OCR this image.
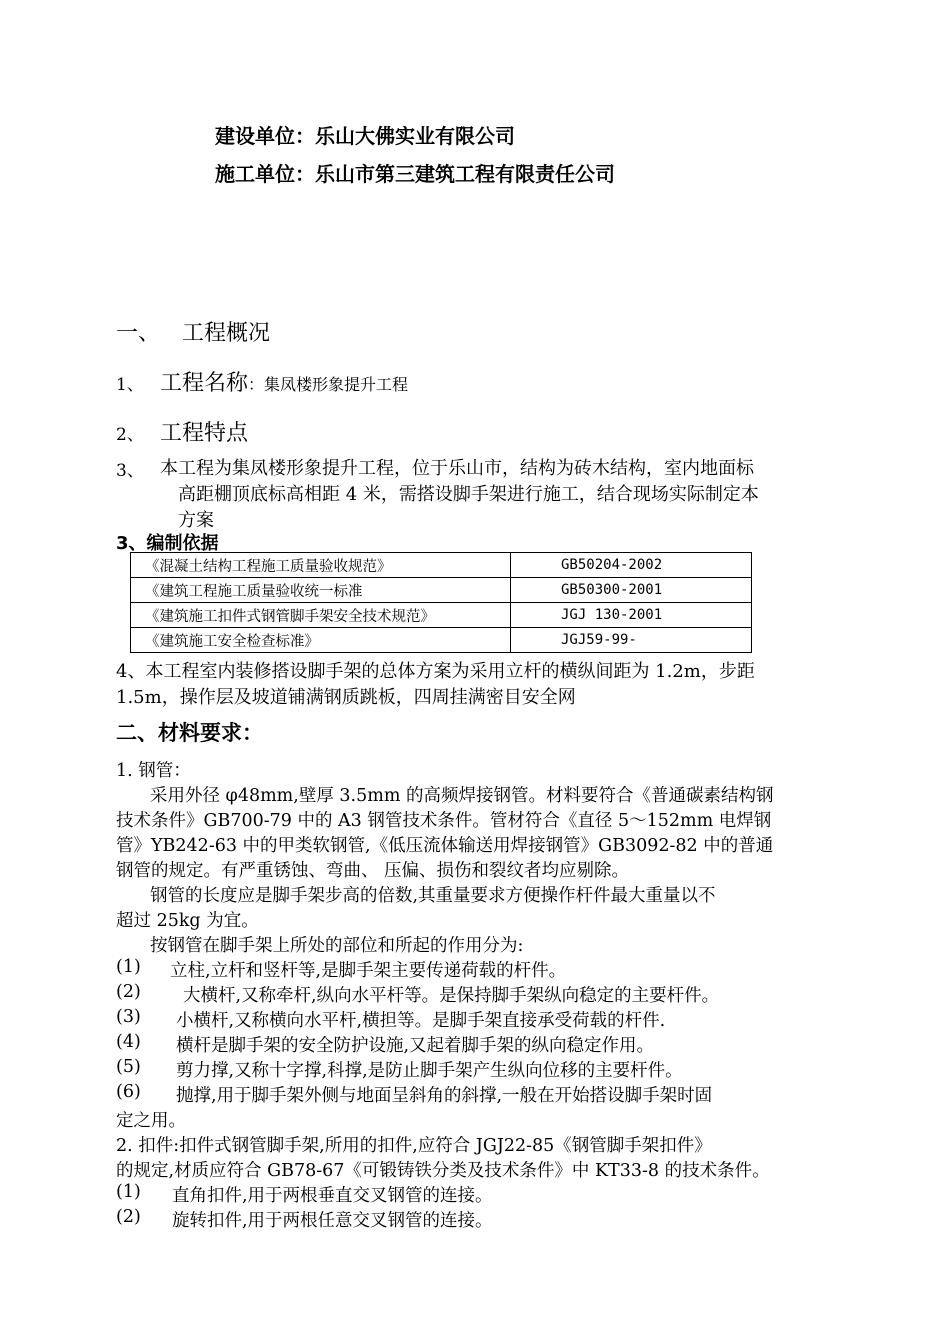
建设单位：乐山大佛实业有限公司
施工单位：乐山市第三建筑工程有限责任公司
一、 工程概况
1、 工程名称：集凤楼形象提升工程
2、 工程特点
3、 本工程为集凤楼形象提升工程，位于乐山市，结构为砖木结构，室内地面标
高距棚顶底标高相距 4 米，需搭设脚手架进行施工，结合现场实际制定本
方案
3、编制依据
《混凝土结构工程施工质量验收规范》	GB50204-2002
《建筑工程施工质量验收统一标准	GB50300-2001
《建筑施工扣件式钢管脚手架安全技术规范》	JGJ 130-2001
《建筑施工安全检查标准》	JGJ59-99-
4、本工程室内装修搭设脚手架的总体方案为采用立杆的横纵间距为 1.2m，步距
1.5m，操作层及坡道铺满钢质跳板，四周挂满密目安全网
二、材料要求：
1. 钢管：
采用外径 φ48mm,壁厚 3.5mm 的高频焊接钢管。材料要符合《普通碳素结构钢
技术条件》GB700-79 中的 A3 钢管技术条件。管材符合《直径 5～152mm 电焊钢
管》YB242-63 中的甲类软钢管,《低压流体输送用焊接钢管》GB3092-82 中的普通
钢管的规定。有严重锈蚀、弯曲、 压偏、损伤和裂纹者均应剔除。
钢管的长度应是脚手架步高的倍数,其重量要求方便操作杆件最大重量以不
超过 25kg 为宜。
按钢管在脚手架上所处的部位和所起的作用分为:
(1) 立柱,立杆和竖杆等,是脚手架主要传递荷载的杆件。
(2) 大横杆,又称牵杆,纵向水平杆等。是保持脚手架纵向稳定的主要杆件。
(3) 小横杆,又称横向水平杆,横担等。是脚手架直接承受荷载的杆件.
(4) 横杆是脚手架的安全防护设施,又起着脚手架的纵向稳定作用。
(5) 剪力撑,又称十字撑,科撑,是防止脚手架产生纵向位移的主要杆件。
(6) 抛撑,用于脚手架外侧与地面呈斜角的斜撑,一般在开始搭设脚手架时固
定之用。
2. 扣件:扣件式钢管脚手架,所用的扣件,应符合 JGJ22-85《钢管脚手架扣件》
的规定,材质应符合 GB78-67《可锻铸铁分类及技术条件》中 KT33-8 的技术条件。
(1) 直角扣件,用于两根垂直交叉钢管的连接。
(2) 旋转扣件,用于两根任意交叉钢管的连接。
